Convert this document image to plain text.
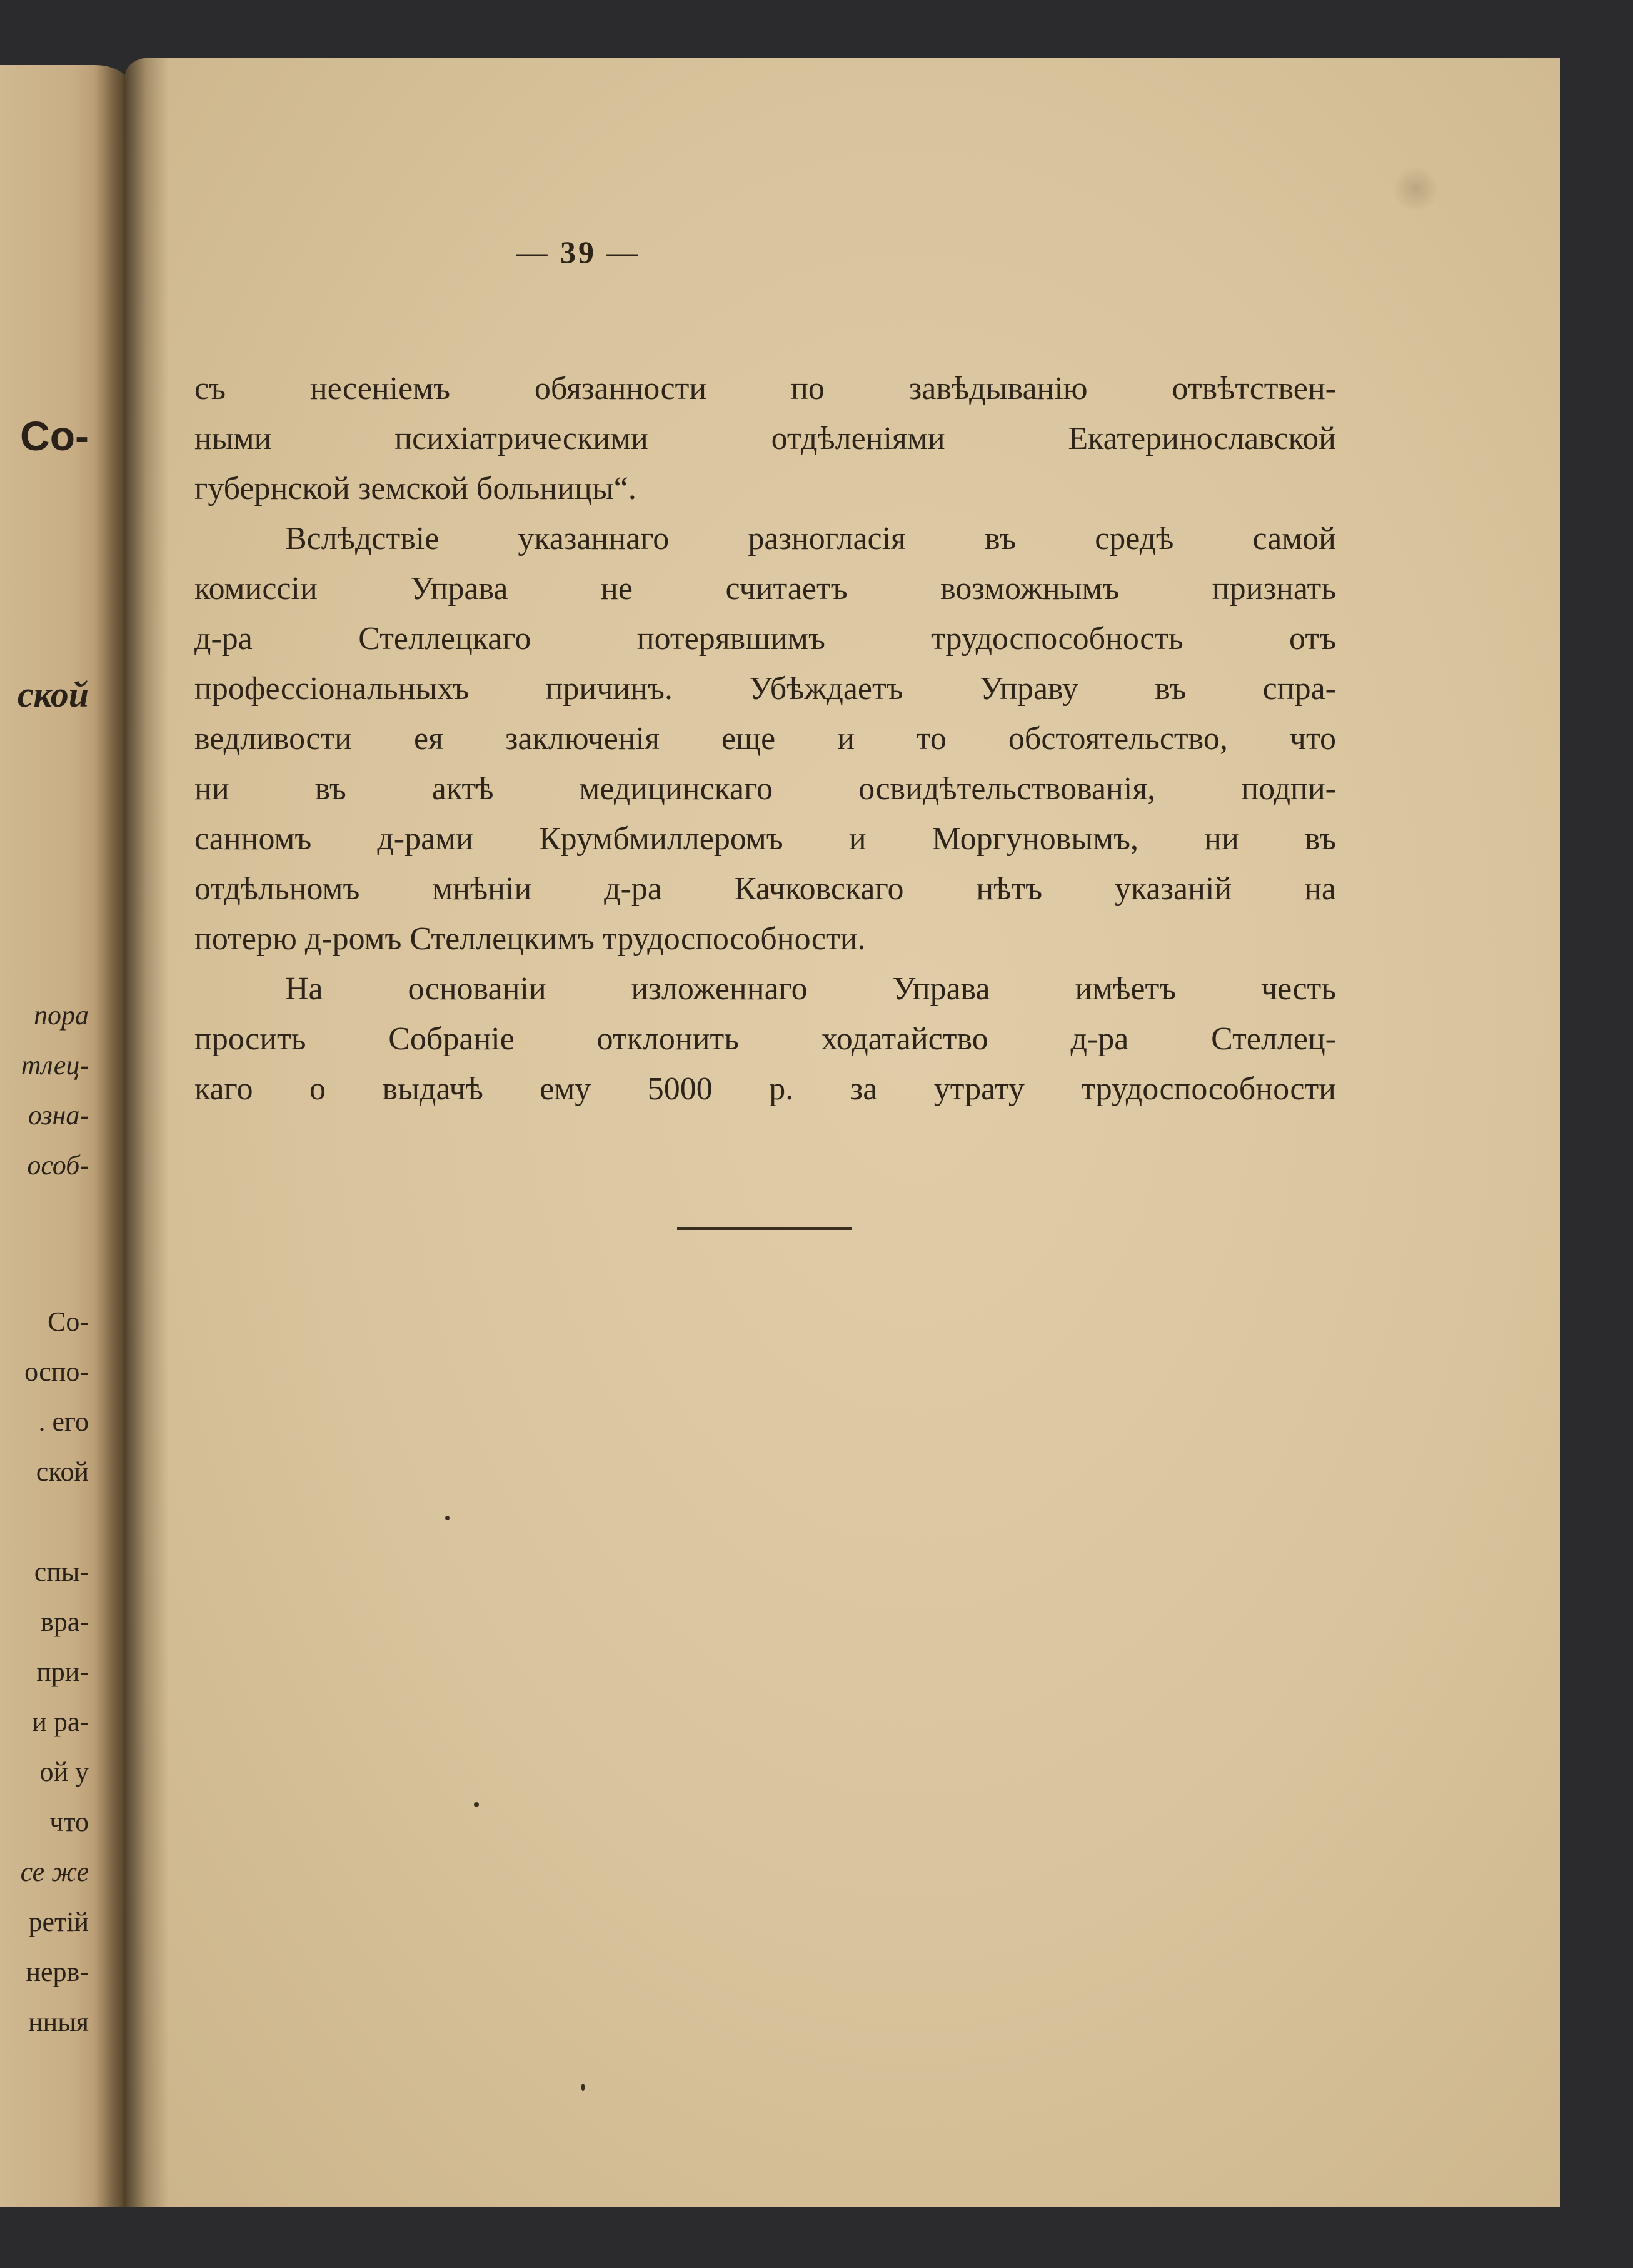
Со-
ской
пора
тлец-
озна-
особ-
Со-
оспо-
. его
ской
спы-
вра-
при-
и ра-
ой у
что
се же
ретій
нерв-
нныя
— 39 —
съ несеніемъ обязанности по завѣдыванію отвѣтствен-
ными психіатрическими отдѣленіями Екатеринославской
губернской земской больницы“.
Вслѣдствіе указаннаго разногласія въ средѣ самой
комиссіи Управа не считаетъ возможнымъ признать
д-ра Стеллецкаго потерявшимъ трудоспособность отъ
профессіональныхъ причинъ. Убѣждаетъ Управу въ спра-
ведливости ея заключенія еще и то обстоятельство, что
ни въ актѣ медицинскаго освидѣтельствованія, подпи-
санномъ д-рами Крумбмиллеромъ и Моргуновымъ, ни въ
отдѣльномъ мнѣніи д-ра Качковскаго нѣтъ указаній на
потерю д-ромъ Стеллецкимъ трудоспособности.
На основаніи изложеннаго Управа имѣетъ честь
просить Собраніе отклонить ходатайство д-ра Стеллец-
каго о выдачѣ ему 5000 р. за утрату трудоспособности
